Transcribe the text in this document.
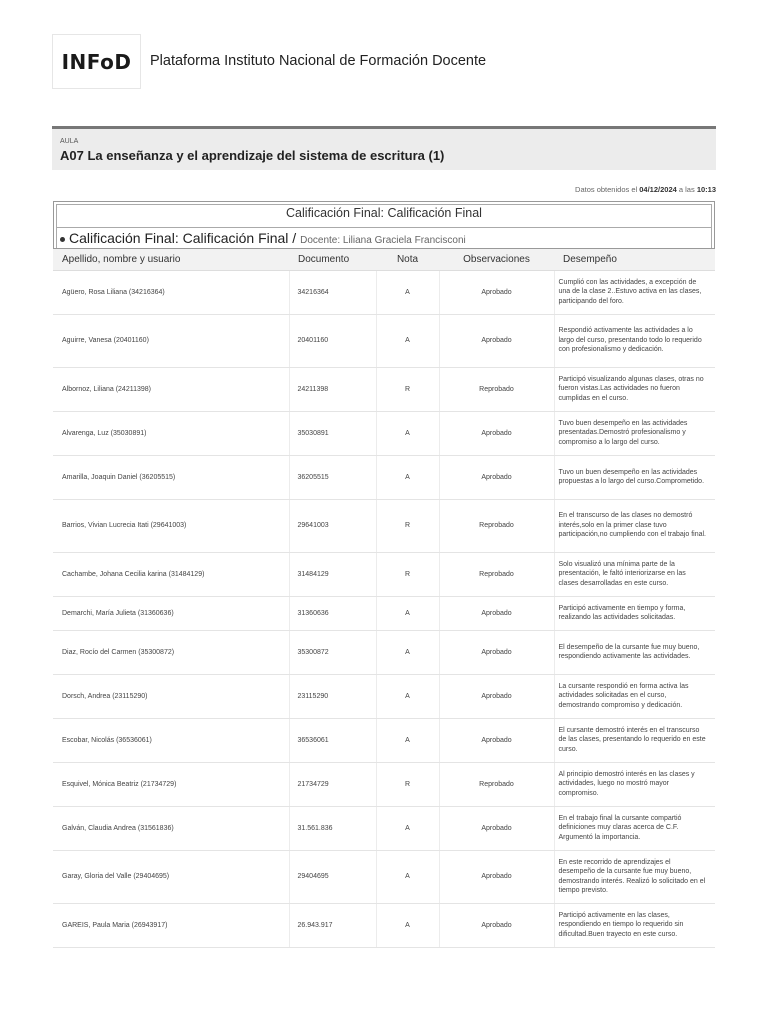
INFoD Plataforma Instituto Nacional de Formación Docente
AULA
A07 La enseñanza y el aprendizaje del sistema de escritura (1)
Datos obtenidos el 04/12/2024 a las 10:13
Calificación Final: Calificación Final
Calificación Final: Calificación Final / Docente: Liliana Graciela Francisconi
Apellido, nombre y usuario	Documento	Nota	Observaciones	Desempeño
Agüero, Rosa Liliana (34216364)	34216364	A	Aprobado	Cumplió con las actividades, a excepción de una de la clase 2..Estuvo activa en las clases, participando del foro.
Aguirre, Vanesa (20401160)	20401160	A	Aprobado	Respondió activamente las actividades a lo largo del curso, presentando todo lo requerido con profesionalismo y dedicación.
Albornoz, Liliana (24211398)	24211398	R	Reprobado	Participó visualizando algunas clases, otras no fueron vistas.Las actividades no fueron cumplidas en el curso.
Alvarenga, Luz (35030891)	35030891	A	Aprobado	Tuvo buen desempeño en las actividades presentadas.Demostró profesionalismo y compromiso a lo largo del curso.
Amarilla, Joaquin Daniel (36205515)	36205515	A	Aprobado	Tuvo un buen desempeño en las actividades propuestas a lo largo del curso.Comprometido.
Barrios, Vivian Lucrecia Itati (29641003)	29641003	R	Reprobado	En el transcurso de las clases no demostró interés,solo en la primer clase tuvo participación,no cumpliendo con el trabajo final.
Cachambe, Johana Cecilia karina (31484129)	31484129	R	Reprobado	Solo visualizó una mínima parte de la presentación, le faltó interiorizarse en las clases desarrolladas en este curso.
Demarchi, María Julieta (31360636)	31360636	A	Aprobado	Participó activamente en tiempo y forma, realizando las actividades solicitadas.
Diaz, Rocío del Carmen (35300872)	35300872	A	Aprobado	El desempeño de la cursante fue muy bueno, respondiendo activamente las actividades.
Dorsch, Andrea (23115290)	23115290	A	Aprobado	La cursante respondió en forma activa las actividades solicitadas en el curso, demostrando compromiso y dedicación.
Escobar, Nicolás (36536061)	36536061	A	Aprobado	El cursante demostró interés en el transcurso de las clases, presentando lo requerido en este curso.
Esquivel, Mónica Beatriz (21734729)	21734729	R	Reprobado	Al principio demostró interés en las clases y actividades, luego no mostró mayor compromiso.
Galván, Claudia Andrea (31561836)	31.561.836	A	Aprobado	En el trabajo final la cursante compartió definiciones muy claras acerca de C.F. Argumentó la importancia.
Garay, Gloria del Valle (29404695)	29404695	A	Aprobado	En este recorrido de aprendizajes el desempeño de la cursante fue muy bueno, demostrando interés. Realizó lo solicitado en el tiempo previsto.
GAREIS, Paula Maria (26943917)	26.943.917	A	Aprobado	Participó activamente en las clases, respondiendo en tiempo lo requerido sin dificultad.Buen trayecto en este curso.
